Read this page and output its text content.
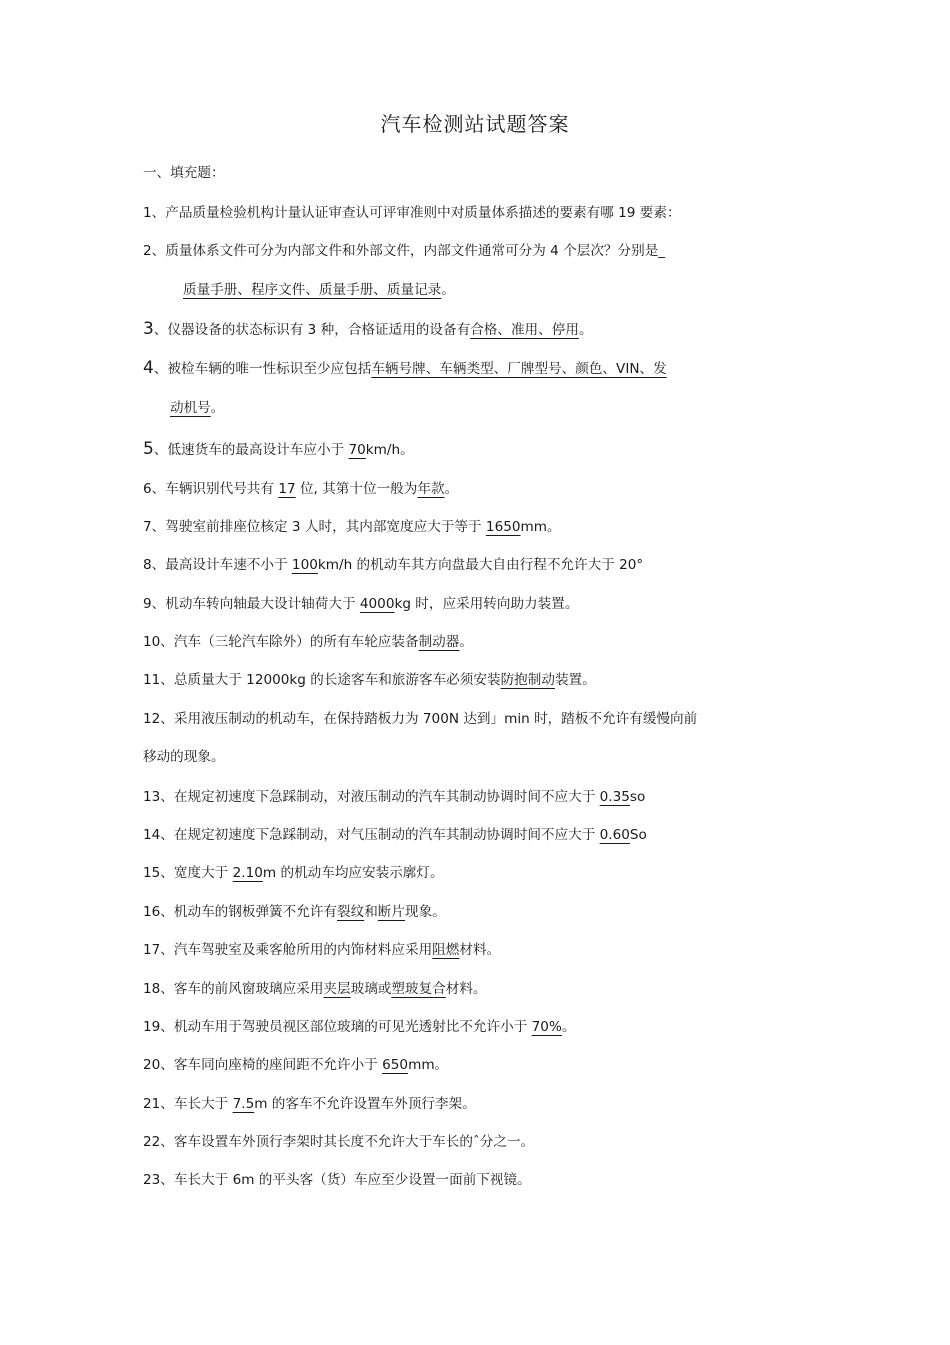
汽车检测站试题答案
一、填充题：
1、产品质量检验机构计量认证审查认可评审准则中对质量体系描述的要素有哪 19 要素：
2、质量体系文件可分为内部文件和外部文件，内部文件通常可分为 4 个层次？分别是_
质量手册、程序文件、质量手册、质量记录。
3、仪器设备的状态标识有 3 种，合格证适用的设备有合格、准用、停用。
4、被检车辆的唯一性标识至少应包括车辆号牌、车辆类型、厂牌型号、颜色、VIN、发
动机号。
5、低速货车的最高设计车应小于 70km/h。
6、车辆识别代号共有 17 位, 其第十位一般为年款。
7、驾驶室前排座位核定 3 人时，其内部宽度应大于等于 1650mm。
8、最高设计车速不小于 100km/h 的机动车其方向盘最大自由行程不允许大于 20°
9、机动车转向轴最大设计轴荷大于 4000kg 时，应采用转向助力装置。
10、汽车（三轮汽车除外）的所有车轮应装备制动器。
11、总质量大于 12000kg 的长途客车和旅游客车必须安装防抱制动装置。
12、采用液压制动的机动车，在保持踏板力为 700N 达到」min 时，踏板不允许有缓慢向前
移动的现象。
13、在规定初速度下急踩制动，对液压制动的汽车其制动协调时间不应大于 0.35so
14、在规定初速度下急踩制动，对气压制动的汽车其制动协调时间不应大于 0.60So
15、宽度大于 2.10m 的机动车均应安装示廓灯。
16、机动车的钢板弹簧不允许有裂纹和断片现象。
17、汽车驾驶室及乘客舱所用的内饰材料应采用阻燃材料。
18、客车的前风窗玻璃应采用夹层玻璃或塑玻复合材料。
19、机动车用于驾驶员视区部位玻璃的可见光透射比不允许小于 70%。
20、客车同向座椅的座间距不允许小于 650mm。
21、车长大于 7.5m 的客车不允许设置车外顶行李架。
22、客车设置车外顶行李架时其长度不允许大于车长的ˆ分之一。
23、车长大于 6m 的平头客（货）车应至少设置一面前下视镜。
